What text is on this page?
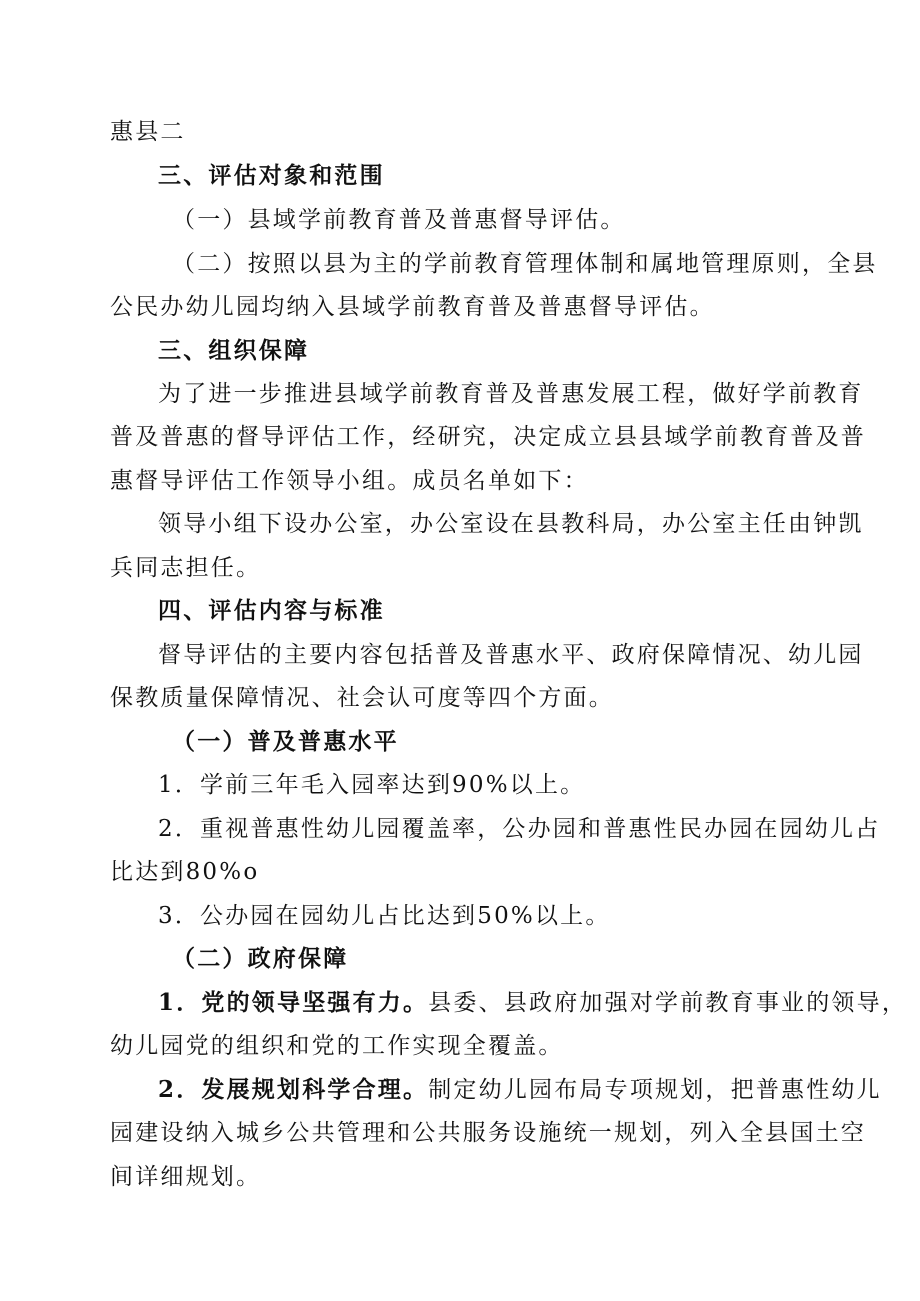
惠县二
三、评估对象和范围
（一）县域学前教育普及普惠督导评估。
（二）按照以县为主的学前教育管理体制和属地管理原则，全县
公民办幼儿园均纳入县域学前教育普及普惠督导评估。
三、组织保障
为了进一步推进县域学前教育普及普惠发展工程，做好学前教育
普及普惠的督导评估工作，经研究，决定成立县县域学前教育普及普
惠督导评估工作领导小组。成员名单如下：
领导小组下设办公室，办公室设在县教科局，办公室主任由钟凯
兵同志担任。
四、评估内容与标准
督导评估的主要内容包括普及普惠水平、政府保障情况、幼儿园
保教质量保障情况、社会认可度等四个方面。
（一）普及普惠水平
1．学前三年毛入园率达到90%以上。
2．重视普惠性幼儿园覆盖率，公办园和普惠性民办园在园幼儿占
比达到80%o
3．公办园在园幼儿占比达到50%以上。
（二）政府保障
1．党的领导坚强有力。县委、县政府加强对学前教育事业的领导，
幼儿园党的组织和党的工作实现全覆盖。
2．发展规划科学合理。制定幼儿园布局专项规划，把普惠性幼儿
园建设纳入城乡公共管理和公共服务设施统一规划，列入全县国土空
间详细规划。
